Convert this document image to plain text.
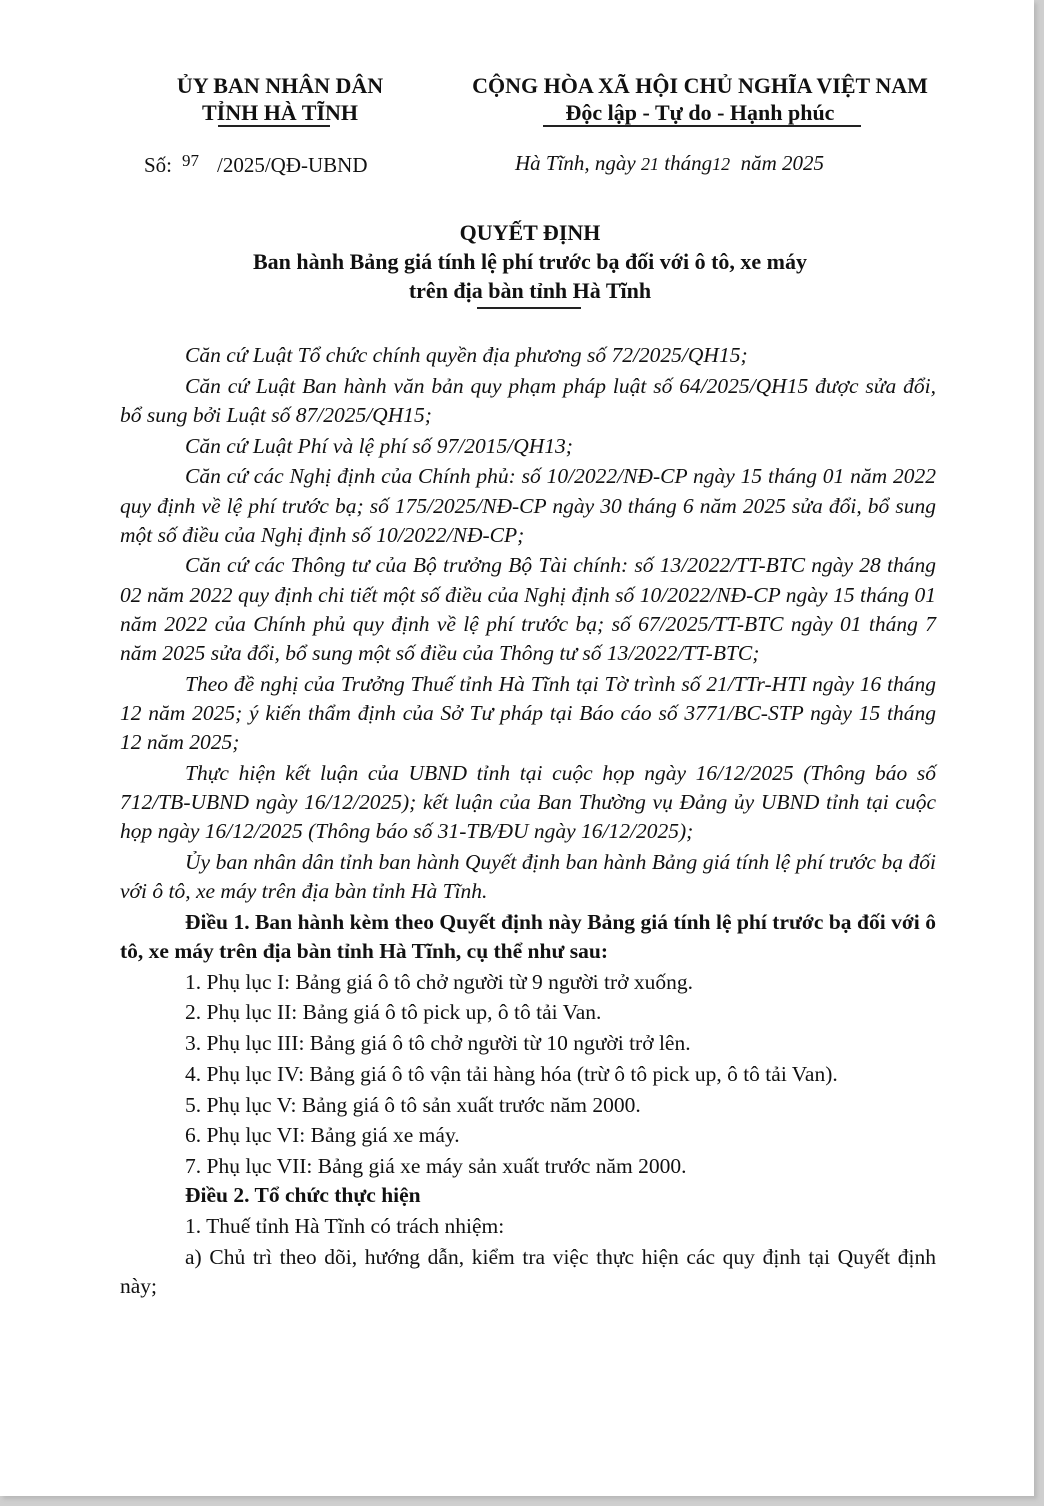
ỦY BAN NHÂN DÂN
TỈNH HÀ TĨNH
CỘNG HÒA XÃ HỘI CHỦ NGHĨA VIỆT NAM
Độc lập - Tự do - Hạnh phúc
Số: 97 /2025/QĐ-UBND	Hà Tĩnh, ngày 21 tháng12 năm 2025
QUYẾT ĐỊNH
Ban hành Bảng giá tính lệ phí trước bạ đối với ô tô, xe máy
trên địa bàn tỉnh Hà Tĩnh
Căn cứ Luật Tổ chức chính quyền địa phương số 72/2025/QH15;
Căn cứ Luật Ban hành văn bản quy phạm pháp luật số 64/2025/QH15 được sửa đổi, bổ sung bởi Luật số 87/2025/QH15;
Căn cứ Luật Phí và lệ phí số 97/2015/QH13;
Căn cứ các Nghị định của Chính phủ: số 10/2022/NĐ-CP ngày 15 tháng 01 năm 2022 quy định về lệ phí trước bạ; số 175/2025/NĐ-CP ngày 30 tháng 6 năm 2025 sửa đổi, bổ sung một số điều của Nghị định số 10/2022/NĐ-CP;
Căn cứ các Thông tư của Bộ trưởng Bộ Tài chính: số 13/2022/TT-BTC ngày 28 tháng 02 năm 2022 quy định chi tiết một số điều của Nghị định số 10/2022/NĐ-CP ngày 15 tháng 01 năm 2022 của Chính phủ quy định về lệ phí trước bạ; số 67/2025/TT-BTC ngày 01 tháng 7 năm 2025 sửa đổi, bổ sung một số điều của Thông tư số 13/2022/TT-BTC;
Theo đề nghị của Trưởng Thuế tỉnh Hà Tĩnh tại Tờ trình số 21/TTr-HTI ngày 16 tháng 12 năm 2025; ý kiến thẩm định của Sở Tư pháp tại Báo cáo số 3771/BC-STP ngày 15 tháng 12 năm 2025;
Thực hiện kết luận của UBND tỉnh tại cuộc họp ngày 16/12/2025 (Thông báo số 712/TB-UBND ngày 16/12/2025); kết luận của Ban Thường vụ Đảng ủy UBND tỉnh tại cuộc họp ngày 16/12/2025 (Thông báo số 31-TB/ĐU ngày 16/12/2025);
Ủy ban nhân dân tỉnh ban hành Quyết định ban hành Bảng giá tính lệ phí trước bạ đối với ô tô, xe máy trên địa bàn tỉnh Hà Tĩnh.
Điều 1. Ban hành kèm theo Quyết định này Bảng giá tính lệ phí trước bạ đối với ô tô, xe máy trên địa bàn tỉnh Hà Tĩnh, cụ thể như sau:
1. Phụ lục I: Bảng giá ô tô chở người từ 9 người trở xuống.
2. Phụ lục II: Bảng giá ô tô pick up, ô tô tải Van.
3. Phụ lục III: Bảng giá ô tô chở người từ 10 người trở lên.
4. Phụ lục IV: Bảng giá ô tô vận tải hàng hóa (trừ ô tô pick up, ô tô tải Van).
5. Phụ lục V: Bảng giá ô tô sản xuất trước năm 2000.
6. Phụ lục VI: Bảng giá xe máy.
7. Phụ lục VII: Bảng giá xe máy sản xuất trước năm 2000.
Điều 2. Tổ chức thực hiện
1. Thuế tỉnh Hà Tĩnh có trách nhiệm:
a) Chủ trì theo dõi, hướng dẫn, kiểm tra việc thực hiện các quy định tại Quyết định này;
